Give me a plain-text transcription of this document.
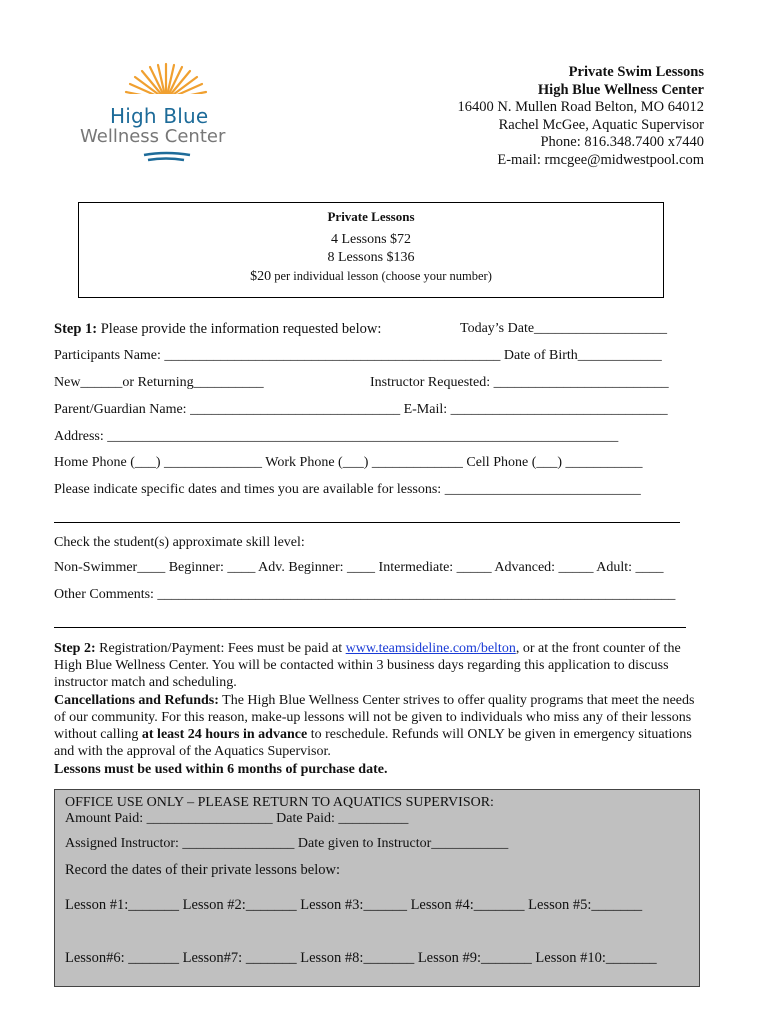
High Blue
Wellness Center
Private Swim Lessons
High Blue Wellness Center
16400 N. Mullen Road Belton, MO 64012
Rachel McGee, Aquatic Supervisor
Phone: 816.348.7400 x7440
E-mail: rmcgee@midwestpool.com
Private Lessons
4 Lessons $72
8 Lessons $136
$20 per individual lesson (choose your number)
Step 1: Please provide the information requested below:	Today’s Date___________________
Participants Name: ________________________________________________ Date of Birth____________
New______or Returning__________	Instructor Requested: _________________________
Parent/Guardian Name: ______________________________ E-Mail: _______________________________
Address: _________________________________________________________________________
Home Phone (___) ______________ Work Phone (___) _____________ Cell Phone (___) ___________
Please indicate specific dates and times you are available for lessons: ____________________________
Check the student(s) approximate skill level:
Non-Swimmer____ Beginner: ____ Adv. Beginner: ____ Intermediate: _____ Advanced: _____ Adult: ____
Other Comments: __________________________________________________________________________
Step 2: Registration/Payment: Fees must be paid at www.teamsideline.com/belton, or at the front counter of the High Blue Wellness Center. You will be contacted within 3 business days regarding this application to discuss instructor match and scheduling.
Cancellations and Refunds: The High Blue Wellness Center strives to offer quality programs that meet the needs of our community. For this reason, make-up lessons will not be given to individuals who miss any of their lessons without calling at least 24 hours in advance to reschedule. Refunds will ONLY be given in emergency situations and with the approval of the Aquatics Supervisor.
Lessons must be used within 6 months of purchase date.
OFFICE USE ONLY – PLEASE RETURN TO AQUATICS SUPERVISOR:
Amount Paid: __________________ Date Paid: __________
Assigned Instructor: ________________ Date given to Instructor___________
Record the dates of their private lessons below:
Lesson #1:_______ Lesson #2:_______ Lesson #3:______ Lesson #4:_______ Lesson #5:_______
Lesson#6: _______ Lesson#7: _______ Lesson #8:_______ Lesson #9:_______ Lesson #10:_______
